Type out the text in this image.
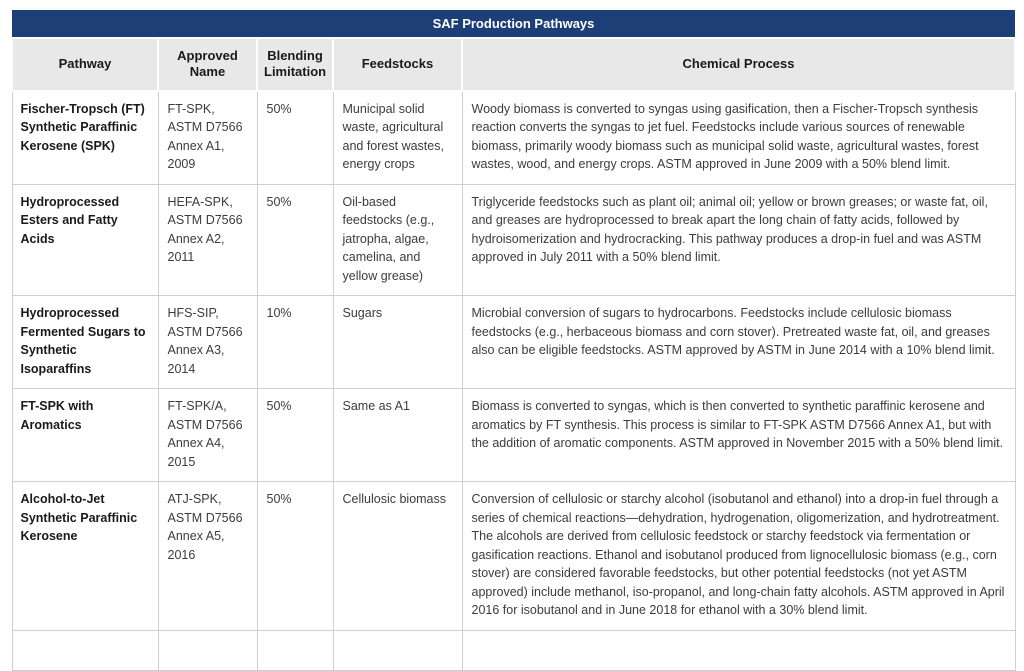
SAF Production Pathways				
Pathway	Approved Name	Blending Limitation	Feedstocks	Chemical Process
Fischer-Tropsch (FT) Synthetic Paraffinic Kerosene (SPK)	FT-SPK, ASTM D7566 Annex A1, 2009	50%	Municipal solid waste, agricultural and forest wastes, energy crops	Woody biomass is converted to syngas using gasification, then a Fischer-Tropsch synthesis reaction converts the syngas to jet fuel. Feedstocks include various sources of renewable biomass, primarily woody biomass such as municipal solid waste, agricultural wastes, forest wastes, wood, and energy crops. ASTM approved in June 2009 with a 50% blend limit.
Hydroprocessed Esters and Fatty Acids	HEFA-SPK, ASTM D7566 Annex A2, 2011	50%	Oil-based feedstocks (e.g., jatropha, algae, camelina, and yellow grease)	Triglyceride feedstocks such as plant oil; animal oil; yellow or brown greases; or waste fat, oil, and greases are hydroprocessed to break apart the long chain of fatty acids, followed by hydroisomerization and hydrocracking. This pathway produces a drop-in fuel and was ASTM approved in July 2011 with a 50% blend limit.
Hydroprocessed Fermented Sugars to Synthetic Isoparaffins	HFS-SIP, ASTM D7566 Annex A3, 2014	10%	Sugars	Microbial conversion of sugars to hydrocarbons. Feedstocks include cellulosic biomass feedstocks (e.g., herbaceous biomass and corn stover). Pretreated waste fat, oil, and greases also can be eligible feedstocks. ASTM approved by ASTM in June 2014 with a 10% blend limit.
FT-SPK with Aromatics	FT-SPK/A, ASTM D7566 Annex A4, 2015	50%	Same as A1	Biomass is converted to syngas, which is then converted to synthetic paraffinic kerosene and aromatics by FT synthesis. This process is similar to FT-SPK ASTM D7566 Annex A1, but with the addition of aromatic components. ASTM approved in November 2015 with a 50% blend limit.
Alcohol-to-Jet Synthetic Paraffinic Kerosene	ATJ-SPK, ASTM D7566 Annex A5, 2016	50%	Cellulosic biomass	Conversion of cellulosic or starchy alcohol (isobutanol and ethanol) into a drop-in fuel through a series of chemical reactions—dehydration, hydrogenation, oligomerization, and hydrotreatment. The alcohols are derived from cellulosic feedstock or starchy feedstock via fermentation or gasification reactions. Ethanol and isobutanol produced from lignocellulosic biomass (e.g., corn stover) are considered favorable feedstocks, but other potential feedstocks (not yet ASTM approved) include methanol, iso-propanol, and long-chain fatty alcohols. ASTM approved in April 2016 for isobutanol and in June 2018 for ethanol with a 30% blend limit.
